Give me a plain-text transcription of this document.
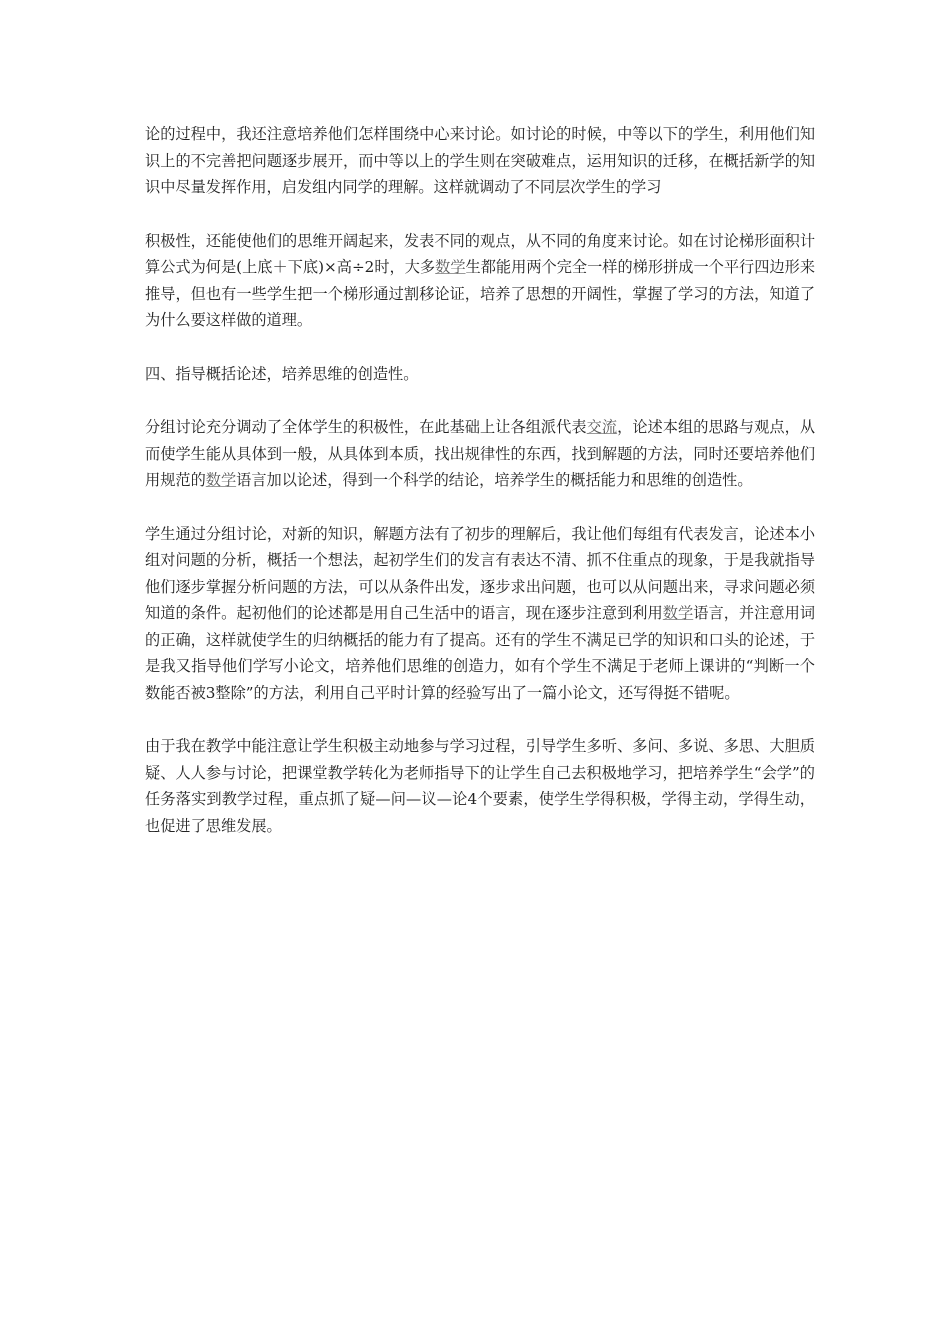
论的过程中，我还注意培养他们怎样围绕中心来讨论。如讨论的时候，中等以下的学生，利用他们知识上的不完善把问题逐步展开，而中等以上的学生则在突破难点，运用知识的迁移，在概括新学的知识中尽量发挥作用，启发组内同学的理解。这样就调动了不同层次学生的学习

积极性，还能使他们的思维开阔起来，发表不同的观点，从不同的角度来讨论。如在讨论梯形面积计算公式为何是(上底＋下底)×高÷2时，大多数学生都能用两个完全一样的梯形拼成一个平行四边形来推导，但也有一些学生把一个梯形通过割移论证，培养了思想的开阔性，掌握了学习的方法，知道了为什么要这样做的道理。

四、指导概括论述，培养思维的创造性。

分组讨论充分调动了全体学生的积极性，在此基础上让各组派代表交流，论述本组的思路与观点，从而使学生能从具体到一般，从具体到本质，找出规律性的东西，找到解题的方法，同时还要培养他们用规范的数学语言加以论述，得到一个科学的结论，培养学生的概括能力和思维的创造性。

学生通过分组讨论，对新的知识，解题方法有了初步的理解后，我让他们每组有代表发言，论述本小组对问题的分析，概括一个想法，起初学生们的发言有表达不清、抓不住重点的现象，于是我就指导他们逐步掌握分析问题的方法，可以从条件出发，逐步求出问题，也可以从问题出来，寻求问题必须知道的条件。起初他们的论述都是用自己生活中的语言，现在逐步注意到利用数学语言，并注意用词的正确，这样就使学生的归纳概括的能力有了提高。还有的学生不满足已学的知识和口头的论述，于是我又指导他们学写小论文，培养他们思维的创造力，如有个学生不满足于老师上课讲的“判断一个数能否被3整除”的方法，利用自己平时计算的经验写出了一篇小论文，还写得挺不错呢。

由于我在教学中能注意让学生积极主动地参与学习过程，引导学生多听、多问、多说、多思、大胆质疑、人人参与讨论，把课堂教学转化为老师指导下的让学生自己去积极地学习，把培养学生“会学”的任务落实到教学过程，重点抓了疑—问—议—论4个要素，使学生学得积极，学得主动，学得生动，也促进了思维发展。
